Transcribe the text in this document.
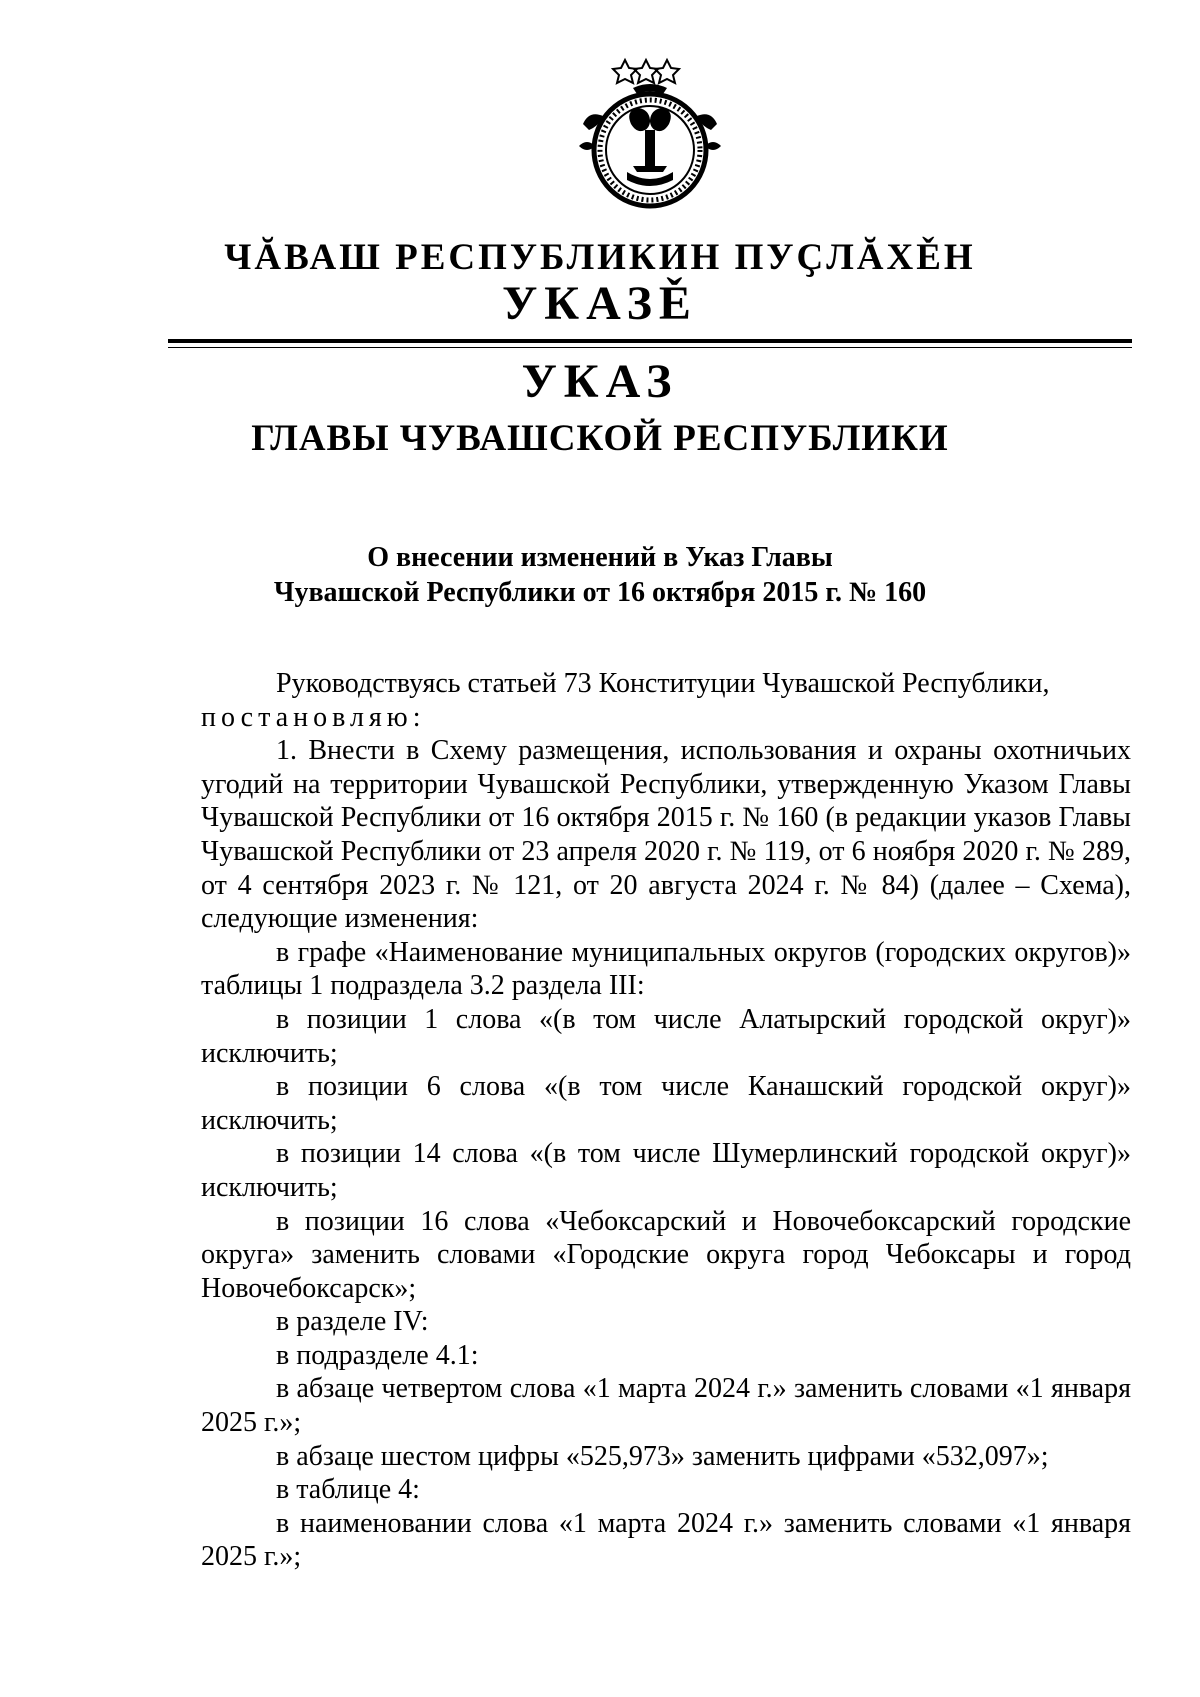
ЧĂВАШ РЕСПУБЛИКИН ПУҪЛĂХĚН
УКАЗĚ
УКАЗ
ГЛАВЫ ЧУВАШСКОЙ РЕСПУБЛИКИ
О внесении изменений в Указ Главы
Чувашской Республики от 16 октября 2015 г. № 160

Руководствуясь статьей 73 Конституции Чувашской Республики,

постановляю:

1. Внести в Схему размещения, использования и охраны охотничьих угодий на территории Чувашской Республики, утвержденную Указом Главы Чувашской Республики от 16 октября 2015 г. № 160 (в редакции указов Главы Чувашской Республики от 23 апреля 2020 г. № 119, от 6 ноября 2020 г. № 289, от 4 сентября 2023 г. № 121, от 20 августа 2024 г. № 84) (далее – Схема), следующие изменения:

в графе «Наименование муниципальных округов (городских округов)» таблицы 1 подраздела 3.2 раздела III:

в позиции 1 слова «(в том числе Алатырский городской округ)» исключить;

в позиции 6 слова «(в том числе Канашский городской округ)» исключить;

в позиции 14 слова «(в том числе Шумерлинский городской округ)» исключить;

в позиции 16 слова «Чебоксарский и Новочебоксарский городские округа» заменить словами «Городские округа город Чебоксары и город Новочебоксарск»;

в разделе IV:

в подразделе 4.1:

в абзаце четвертом слова «1 марта 2024 г.» заменить словами «1 января 2025 г.»;

в абзаце шестом цифры «525,973» заменить цифрами «532,097»;

в таблице 4:

в наименовании слова «1 марта 2024 г.» заменить словами «1 января 2025 г.»;
